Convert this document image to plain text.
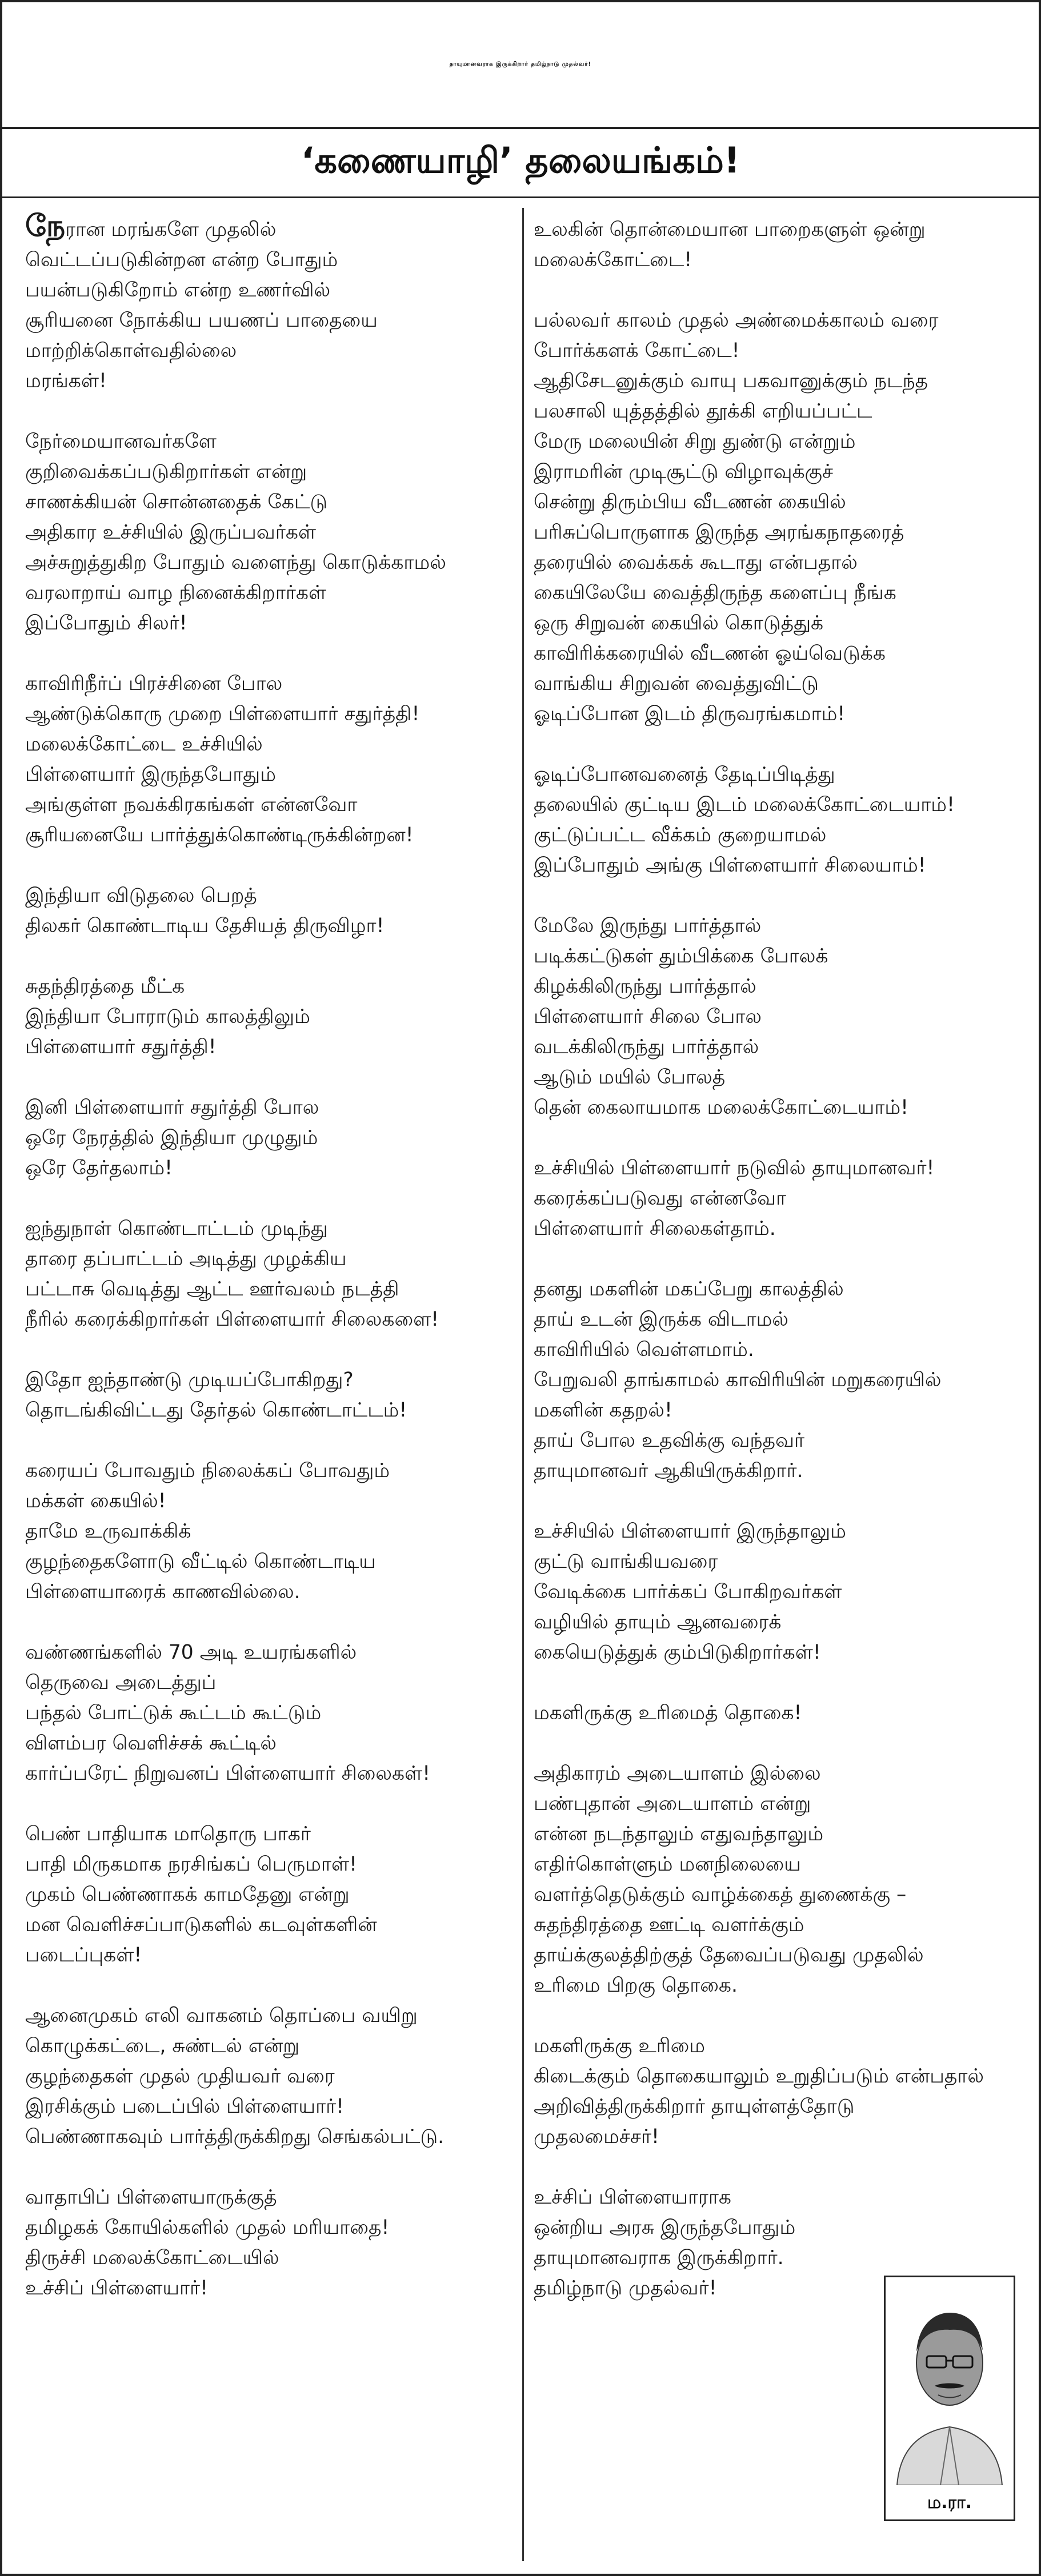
தாயுமானவராக இருக்கிறார் தமிழ்நாடு முதல்வர்!
‘கணையாழி’ தலையங்கம்!
நேரான மரங்களே முதலில்
வெட்டப்படுகின்றன என்ற போதும்
பயன்படுகிறோம் என்ற உணர்வில்
சூரியனை நோக்கிய பயணப் பாதையை
மாற்றிக்கொள்வதில்லை
மரங்கள்!
நேர்மையானவர்களே
குறிவைக்கப்படுகிறார்கள் என்று
சாணக்கியன் சொன்னதைக் கேட்டு
அதிகார உச்சியில் இருப்பவர்கள்
அச்சுறுத்துகிற போதும் வளைந்து கொடுக்காமல்
வரலாறாய் வாழ நினைக்கிறார்கள்
இப்போதும் சிலர்!
காவிரிநீர்ப் பிரச்சினை போல
ஆண்டுக்கொரு முறை பிள்ளையார் சதுர்த்தி!
மலைக்கோட்டை உச்சியில்
பிள்ளையார் இருந்தபோதும்
அங்குள்ள நவக்கிரகங்கள் என்னவோ
சூரியனையே பார்த்துக்கொண்டிருக்கின்றன!
இந்தியா விடுதலை பெறத்
திலகர் கொண்டாடிய தேசியத் திருவிழா!
சுதந்திரத்தை மீட்க
இந்தியா போராடும் காலத்திலும்
பிள்ளையார் சதுர்த்தி!
இனி பிள்ளையார் சதுர்த்தி போல
ஒரே நேரத்தில் இந்தியா முழுதும்
ஒரே தேர்தலாம்!
ஐந்துநாள் கொண்டாட்டம் முடிந்து
தாரை தப்பாட்டம் அடித்து முழக்கிய
பட்டாசு வெடித்து ஆட்ட ஊர்வலம் நடத்தி
நீரில் கரைக்கிறார்கள் பிள்ளையார் சிலைகளை!
இதோ ஐந்தாண்டு முடியப்போகிறது?
தொடங்கிவிட்டது தேர்தல் கொண்டாட்டம்!
கரையப் போவதும் நிலைக்கப் போவதும்
மக்கள் கையில்!
தாமே உருவாக்கிக்
குழந்தைகளோடு வீட்டில் கொண்டாடிய
பிள்ளையாரைக் காணவில்லை.
வண்ணங்களில் 70 அடி உயரங்களில்
தெருவை அடைத்துப்
பந்தல் போட்டுக் கூட்டம் கூட்டும்
விளம்பர வெளிச்சக் கூட்டில்
கார்ப்பரேட் நிறுவனப் பிள்ளையார் சிலைகள்!
பெண் பாதியாக மாதொரு பாகர்
பாதி மிருகமாக நரசிங்கப் பெருமாள்!
முகம் பெண்ணாகக் காமதேனு என்று
மன வெளிச்சப்பாடுகளில் கடவுள்களின்
படைப்புகள்!
ஆனைமுகம் எலி வாகனம் தொப்பை வயிறு
கொழுக்கட்டை, சுண்டல் என்று
குழந்தைகள் முதல் முதியவர் வரை
இரசிக்கும் படைப்பில் பிள்ளையார்!
பெண்ணாகவும் பார்த்திருக்கிறது செங்கல்பட்டு.
வாதாபிப் பிள்ளையாருக்குத்
தமிழகக் கோயில்களில் முதல் மரியாதை!
திருச்சி மலைக்கோட்டையில்
உச்சிப் பிள்ளையார்!
உலகின் தொன்மையான பாறைகளுள் ஒன்று
மலைக்கோட்டை!
பல்லவர் காலம் முதல் அண்மைக்காலம் வரை
போர்க்களக் கோட்டை!
ஆதிசேடனுக்கும் வாயு பகவானுக்கும் நடந்த
பலசாலி யுத்தத்தில் தூக்கி எறியப்பட்ட
மேரு மலையின் சிறு துண்டு என்றும்
இராமரின் முடிசூட்டு விழாவுக்குச்
சென்று திரும்பிய வீடணன் கையில்
பரிசுப்பொருளாக இருந்த அரங்கநாதரைத்
தரையில் வைக்கக் கூடாது என்பதால்
கையிலேயே வைத்திருந்த களைப்பு நீங்க
ஒரு சிறுவன் கையில் கொடுத்துக்
காவிரிக்கரையில் வீடணன் ஓய்வெடுக்க
வாங்கிய சிறுவன் வைத்துவிட்டு
ஓடிப்போன இடம் திருவரங்கமாம்!
ஓடிப்போனவனைத் தேடிப்பிடித்து
தலையில் குட்டிய இடம் மலைக்கோட்டையாம்!
குட்டுப்பட்ட வீக்கம் குறையாமல்
இப்போதும் அங்கு பிள்ளையார் சிலையாம்!
மேலே இருந்து பார்த்தால்
படிக்கட்டுகள் தும்பிக்கை போலக்
கிழக்கிலிருந்து பார்த்தால்
பிள்ளையார் சிலை போல
வடக்கிலிருந்து பார்த்தால்
ஆடும் மயில் போலத்
தென் கைலாயமாக மலைக்கோட்டையாம்!
உச்சியில் பிள்ளையார் நடுவில் தாயுமானவர்!
கரைக்கப்படுவது என்னவோ
பிள்ளையார் சிலைகள்தாம்.
தனது மகளின் மகப்பேறு காலத்தில்
தாய் உடன் இருக்க விடாமல்
காவிரியில் வெள்ளமாம்.
பேறுவலி தாங்காமல் காவிரியின் மறுகரையில்
மகளின் கதறல்!
தாய் போல உதவிக்கு வந்தவர்
தாயுமானவர் ஆகியிருக்கிறார்.
உச்சியில் பிள்ளையார் இருந்தாலும்
குட்டு வாங்கியவரை
வேடிக்கை பார்க்கப் போகிறவர்கள்
வழியில் தாயும் ஆனவரைக்
கையெடுத்துக் கும்பிடுகிறார்கள்!
மகளிருக்கு உரிமைத் தொகை!
அதிகாரம் அடையாளம் இல்லை
பண்புதான் அடையாளம் என்று
என்ன நடந்தாலும் எதுவந்தாலும்
எதிர்கொள்ளும் மனநிலையை
வளர்த்தெடுக்கும் வாழ்க்கைத் துணைக்கு –
சுதந்திரத்தை ஊட்டி வளர்க்கும்
தாய்க்குலத்திற்குத் தேவைப்படுவது முதலில்
உரிமை பிறகு தொகை.
மகளிருக்கு உரிமை
கிடைக்கும் தொகையாலும் உறுதிப்படும் என்பதால்
அறிவித்திருக்கிறார் தாயுள்ளத்தோடு
முதலமைச்சர்!
உச்சிப் பிள்ளையாராக
ஒன்றிய அரசு இருந்தபோதும்
தாயுமானவராக இருக்கிறார்.
தமிழ்நாடு முதல்வர்!
ம.ரா.
